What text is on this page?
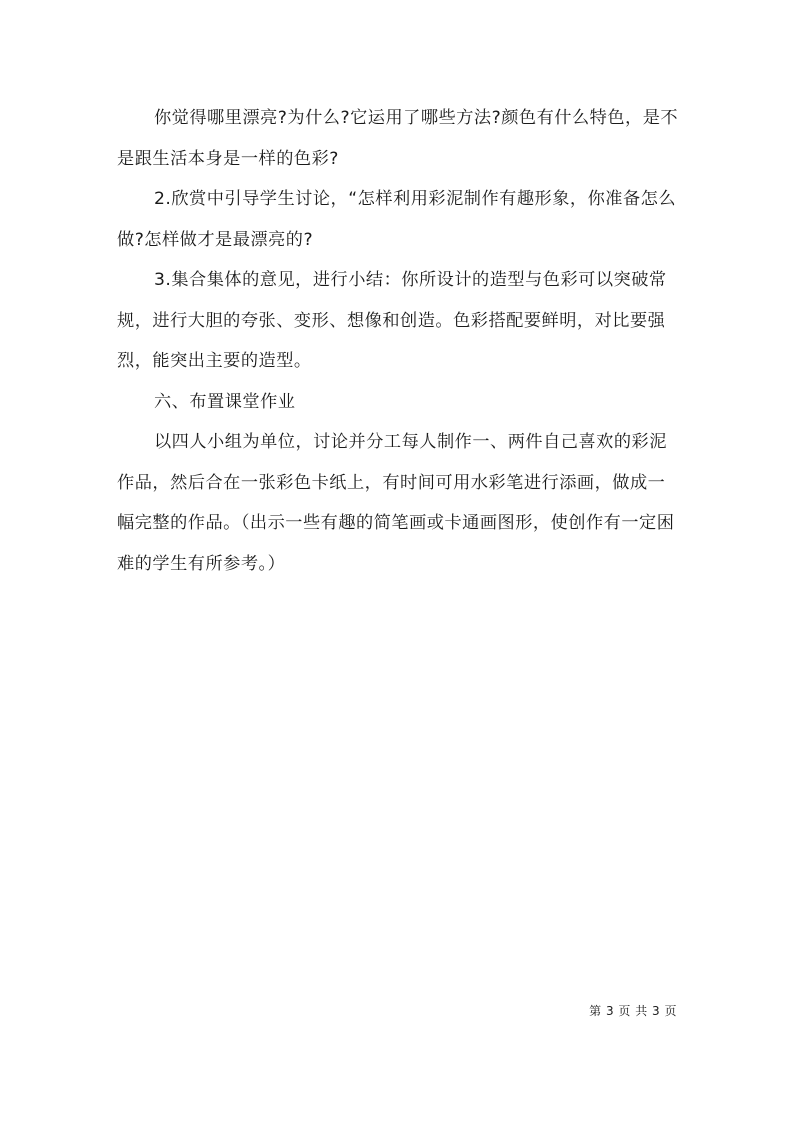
你觉得哪里漂亮?为什么?它运用了哪些方法?颜色有什么特色，是不是跟生活本身是一样的色彩?

2.欣赏中引导学生讨论，“怎样利用彩泥制作有趣形象，你准备怎么做?怎样做才是最漂亮的?

3.集合集体的意见，进行小结：你所设计的造型与色彩可以突破常规，进行大胆的夸张、变形、想像和创造。色彩搭配要鲜明，对比要强烈，能突出主要的造型。

六、布置课堂作业

以四人小组为单位，讨论并分工每人制作一、两件自己喜欢的彩泥作品，然后合在一张彩色卡纸上，有时间可用水彩笔进行添画，做成一幅完整的作品。（出示一些有趣的简笔画或卡通画图形，使创作有一定困难的学生有所参考。）

第 3 页 共 3 页
